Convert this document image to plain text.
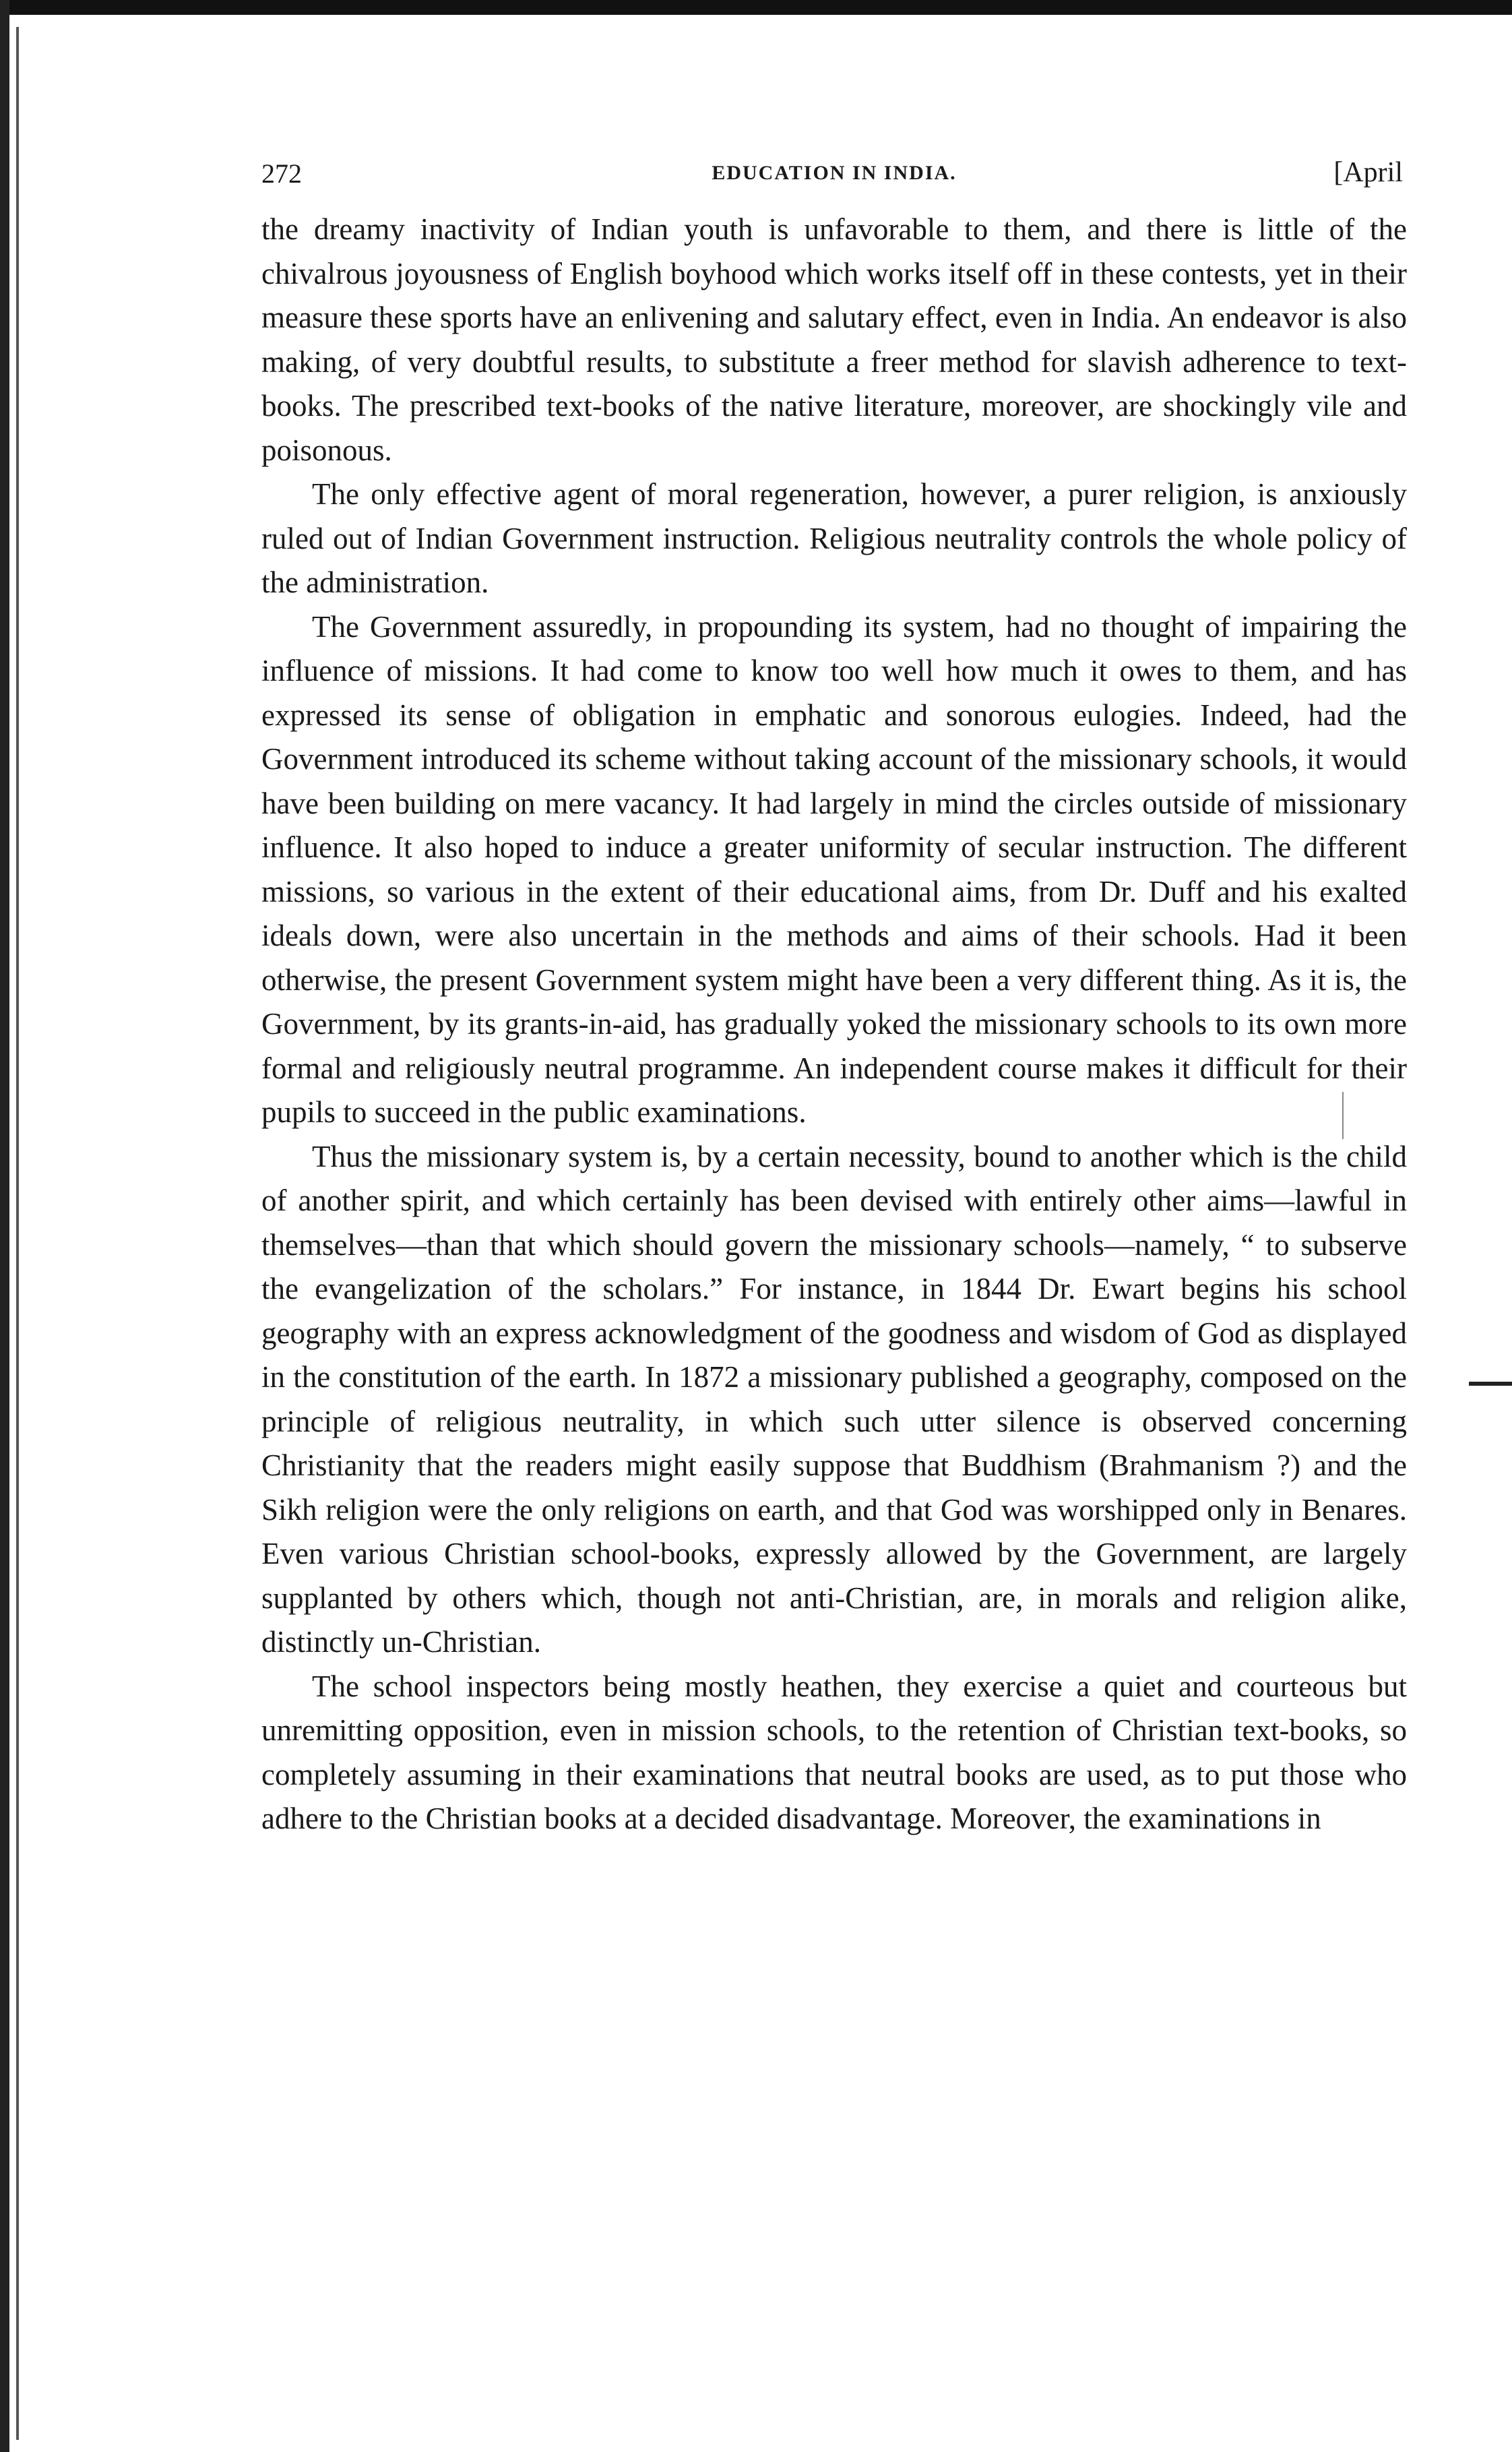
272	EDUCATION IN INDIA.	[April

the dreamy inactivity of Indian youth is unfavorable to them, and there is little of the chivalrous joyousness of English boyhood which works itself off in these contests, yet in their measure these sports have an enlivening and salutary effect, even in India. An endeavor is also making, of very doubtful results, to substitute a freer method for slavish adherence to text-books. The prescribed text-books of the native literature, moreover, are shockingly vile and poisonous.

The only effective agent of moral regeneration, however, a purer religion, is anxiously ruled out of Indian Government instruction. Religious neutrality controls the whole policy of the administration.

The Government assuredly, in propounding its system, had no thought of impairing the influence of missions. It had come to know too well how much it owes to them, and has expressed its sense of obligation in emphatic and sonorous eulogies. Indeed, had the Government introduced its scheme without taking account of the missionary schools, it would have been building on mere vacancy. It had largely in mind the circles outside of missionary influence. It also hoped to induce a greater uniformity of secular instruction. The different missions, so various in the extent of their educational aims, from Dr. Duff and his exalted ideals down, were also uncertain in the methods and aims of their schools. Had it been otherwise, the present Government system might have been a very different thing. As it is, the Government, by its grants-in-aid, has gradually yoked the missionary schools to its own more formal and religiously neutral programme. An independent course makes it difficult for their pupils to succeed in the public examinations.

Thus the missionary system is, by a certain necessity, bound to another which is the child of another spirit, and which certainly has been devised with entirely other aims—lawful in themselves—than that which should govern the missionary schools—namely, “ to subserve the evangelization of the scholars.” For instance, in 1844 Dr. Ewart begins his school geography with an express acknowledgment of the goodness and wisdom of God as displayed in the constitution of the earth. In 1872 a missionary published a geography, composed on the principle of religious neutrality, in which such utter silence is observed concerning Christianity that the readers might easily suppose that Buddhism (Brahmanism ?) and the Sikh religion were the only religions on earth, and that God was worshipped only in Benares. Even various Christian school-books, expressly allowed by the Government, are largely supplanted by others which, though not anti-Christian, are, in morals and religion alike, distinctly un-Christian.

The school inspectors being mostly heathen, they exercise a quiet and courteous but unremitting opposition, even in mission schools, to the retention of Christian text-books, so completely assuming in their examinations that neutral books are used, as to put those who adhere to the Christian books at a decided disadvantage. Moreover, the examinations in
